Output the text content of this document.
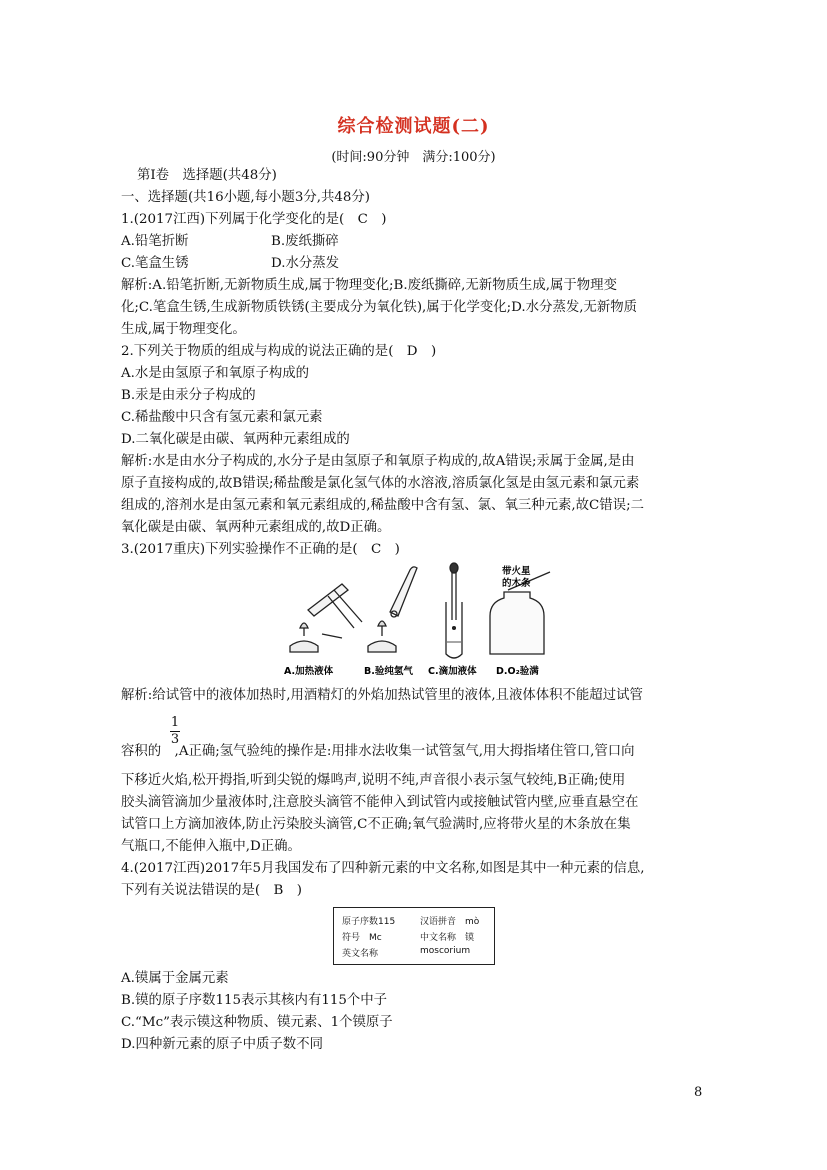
综合检测试题(二)
(时间:90分钟　满分:100分)
第Ⅰ卷　选择题(共48分)
一、选择题(共16小题,每小题3分,共48分)
1.(2017江西)下列属于化学变化的是(　C　)
A.铅笔折断	B.废纸撕碎
C.笔盒生锈	D.水分蒸发
解析:A.铅笔折断,无新物质生成,属于物理变化;B.废纸撕碎,无新物质生成,属于物理变
化;C.笔盒生锈,生成新物质铁锈(主要成分为氧化铁),属于化学变化;D.水分蒸发,无新物质
生成,属于物理变化。
2.下列关于物质的组成与构成的说法正确的是(　D　)
A.水是由氢原子和氧原子构成的
B.汞是由汞分子构成的
C.稀盐酸中只含有氢元素和氯元素
D.二氧化碳是由碳、氧两种元素组成的
解析:水是由水分子构成的,水分子是由氢原子和氧原子构成的,故A错误;汞属于金属,是由
原子直接构成的,故B错误;稀盐酸是氯化氢气体的水溶液,溶质氯化氢是由氢元素和氯元素
组成的,溶剂水是由氢元素和氧元素组成的,稀盐酸中含有氢、氯、氧三种元素,故C错误;二
氧化碳是由碳、氧两种元素组成的,故D正确。
3.(2017重庆)下列实验操作不正确的是(　C　)
带火星
的木条
A.加热液体	B.验纯氢气 C.滴加液体 D.O₂验满
解析:给试管中的液体加热时,用酒精灯的外焰加热试管里的液体,且液体体积不能超过试管
1
3
容积的　,A正确;氢气验纯的操作是:用排水法收集一试管氢气,用大拇指堵住管口,管口向
下移近火焰,松开拇指,听到尖锐的爆鸣声,说明不纯,声音很小表示氢气较纯,B正确;使用
胶头滴管滴加少量液体时,注意胶头滴管不能伸入到试管内或接触试管内壁,应垂直悬空在
试管口上方滴加液体,防止污染胶头滴管,C不正确;氧气验满时,应将带火星的木条放在集
气瓶口,不能伸入瓶中,D正确。
4.(2017江西)2017年5月我国发布了四种新元素的中文名称,如图是其中一种元素的信息,
下列有关说法错误的是(　B　)
原子序数115	汉语拼音　mò
符号　Mc	中文名称　镆
英文名称	moscorium
A.镆属于金属元素
B.镆的原子序数115表示其核内有115个中子
C.“Mc”表示镆这种物质、镆元素、1个镆原子
D.四种新元素的原子中质子数不同
8
